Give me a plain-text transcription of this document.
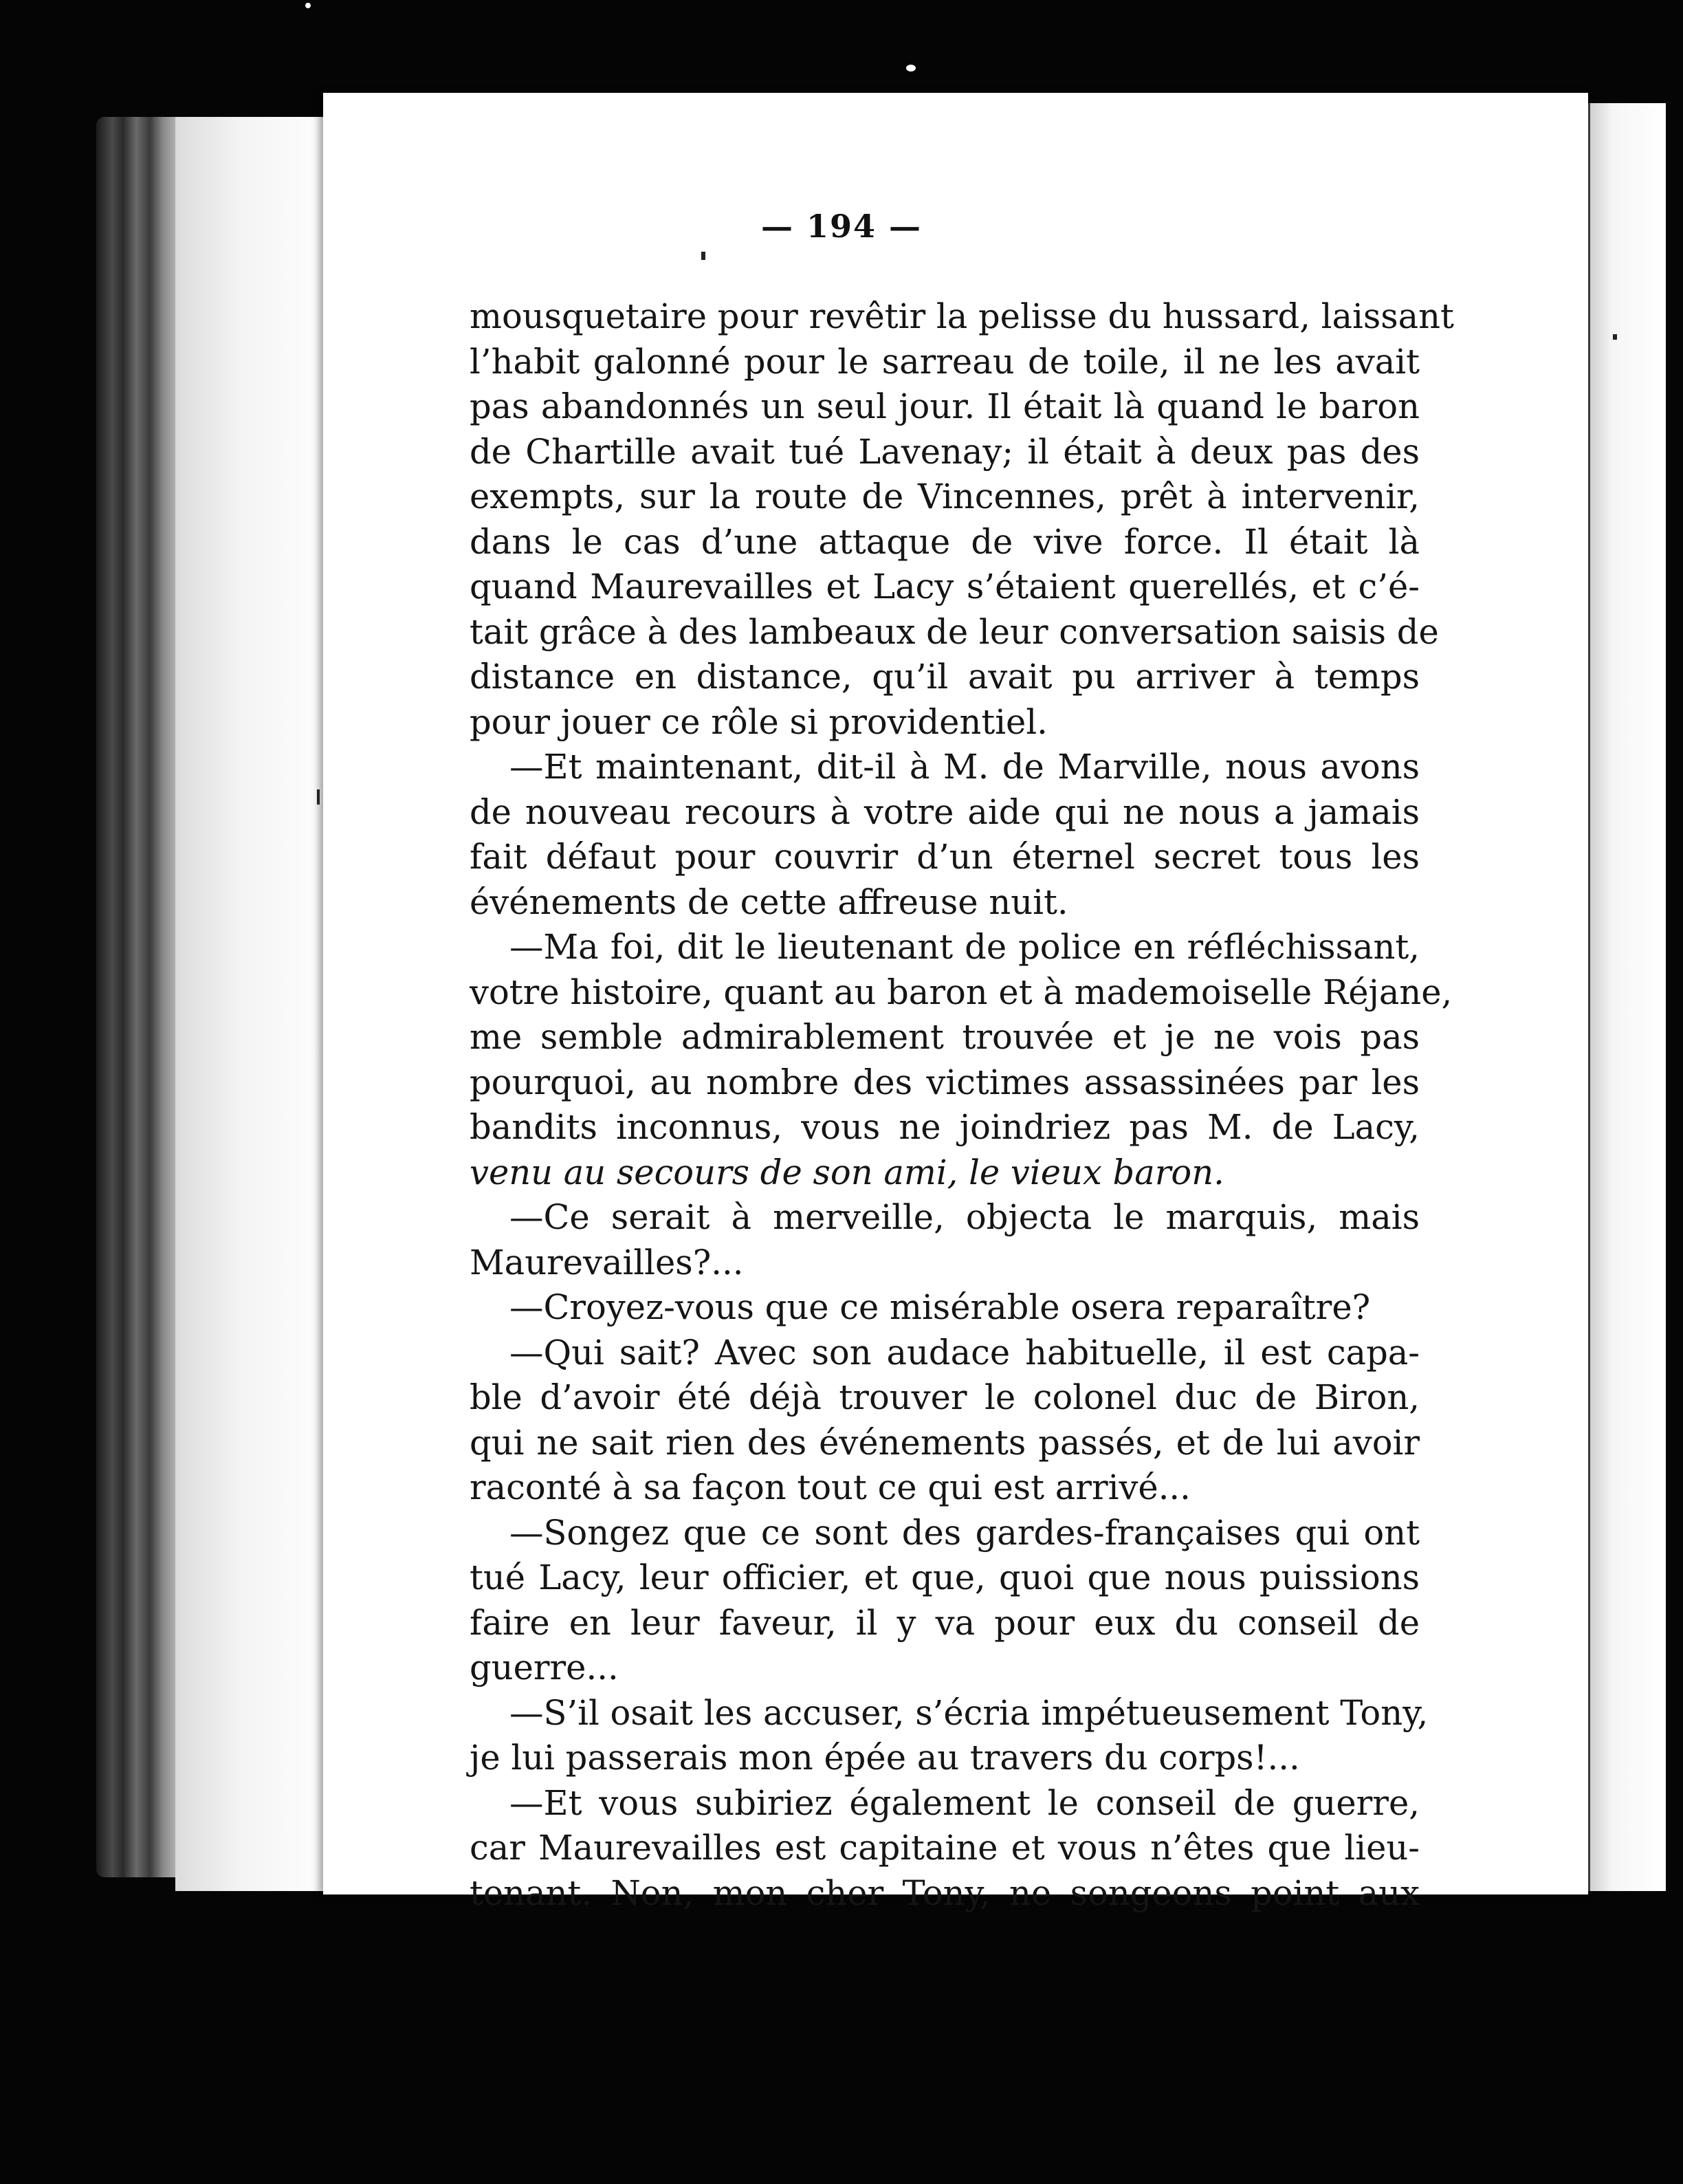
— 194 —
mousquetaire pour revêtir la pelisse du hussard, laissant
l’habit galonné pour le sarreau de toile, il ne les avait
pas abandonnés un seul jour. Il était là quand le baron
de Chartille avait tué Lavenay; il était à deux pas des
exempts, sur la route de Vincennes, prêt à intervenir,
dans le cas d’une attaque de vive force. Il était là
quand Maurevailles et Lacy s’étaient querellés, et c’é-
tait grâce à des lambeaux de leur conversation saisis de
distance en distance, qu’il avait pu arriver à temps
pour jouer ce rôle si providentiel.
—Et maintenant, dit-il à M. de Marville, nous avons
de nouveau recours à votre aide qui ne nous a jamais
fait défaut pour couvrir d’un éternel secret tous les
événements de cette affreuse nuit.
—Ma foi, dit le lieutenant de police en réfléchissant,
votre histoire, quant au baron et à mademoiselle Réjane,
me semble admirablement trouvée et je ne vois pas
pourquoi, au nombre des victimes assassinées par les
bandits inconnus, vous ne joindriez pas M. de Lacy,
venu au secours de son ami, le vieux baron.
—Ce serait à merveille, objecta le marquis, mais
Maurevailles?...
—Croyez-vous que ce misérable osera reparaître?
—Qui sait? Avec son audace habituelle, il est capa-
ble d’avoir été déjà trouver le colonel duc de Biron,
qui ne sait rien des événements passés, et de lui avoir
raconté à sa façon tout ce qui est arrivé...
—Songez que ce sont des gardes-françaises qui ont
tué Lacy, leur officier, et que, quoi que nous puissions
faire en leur faveur, il y va pour eux du conseil de
guerre...
—S’il osait les accuser, s’écria impétueusement Tony,
je lui passerais mon épée au travers du corps!...
—Et vous subiriez également le conseil de guerre,
car Maurevailles est capitaine et vous n’êtes que lieu-
tenant. Non, mon cher Tony, ne songeons point aux
